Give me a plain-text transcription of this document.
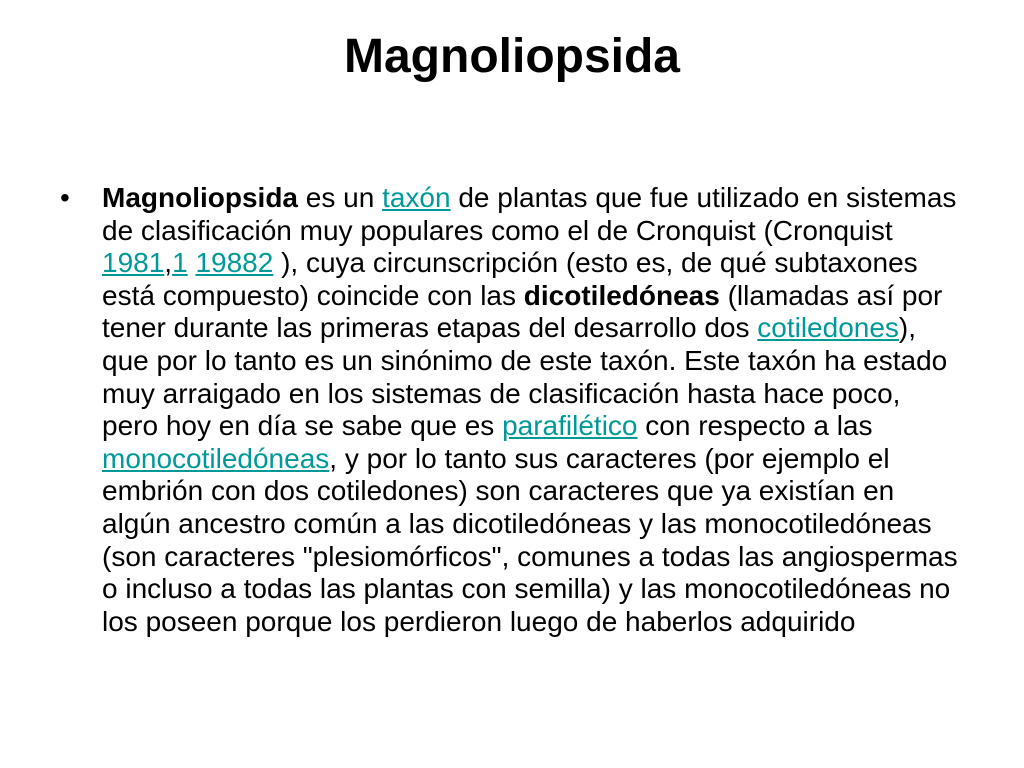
Magnoliopsida
• Magnoliopsida es un taxón de plantas que fue utilizado en sistemas de clasificación muy populares como el de Cronquist (Cronquist 1981,1 19882 ), cuya circunscripción (esto es, de qué subtaxones está compuesto) coincide con las dicotiledóneas (llamadas así por tener durante las primeras etapas del desarrollo dos cotiledones), que por lo tanto es un sinónimo de este taxón. Este taxón ha estado muy arraigado en los sistemas de clasificación hasta hace poco, pero hoy en día se sabe que es parafilético con respecto a las monocotiledóneas, y por lo tanto sus caracteres (por ejemplo el embrión con dos cotiledones) son caracteres que ya existían en algún ancestro común a las dicotiledóneas y las monocotiledóneas (son caracteres "plesiomórficos", comunes a todas las angiospermas o incluso a todas las plantas con semilla) y las monocotiledóneas no los poseen porque los perdieron luego de haberlos adquirido
